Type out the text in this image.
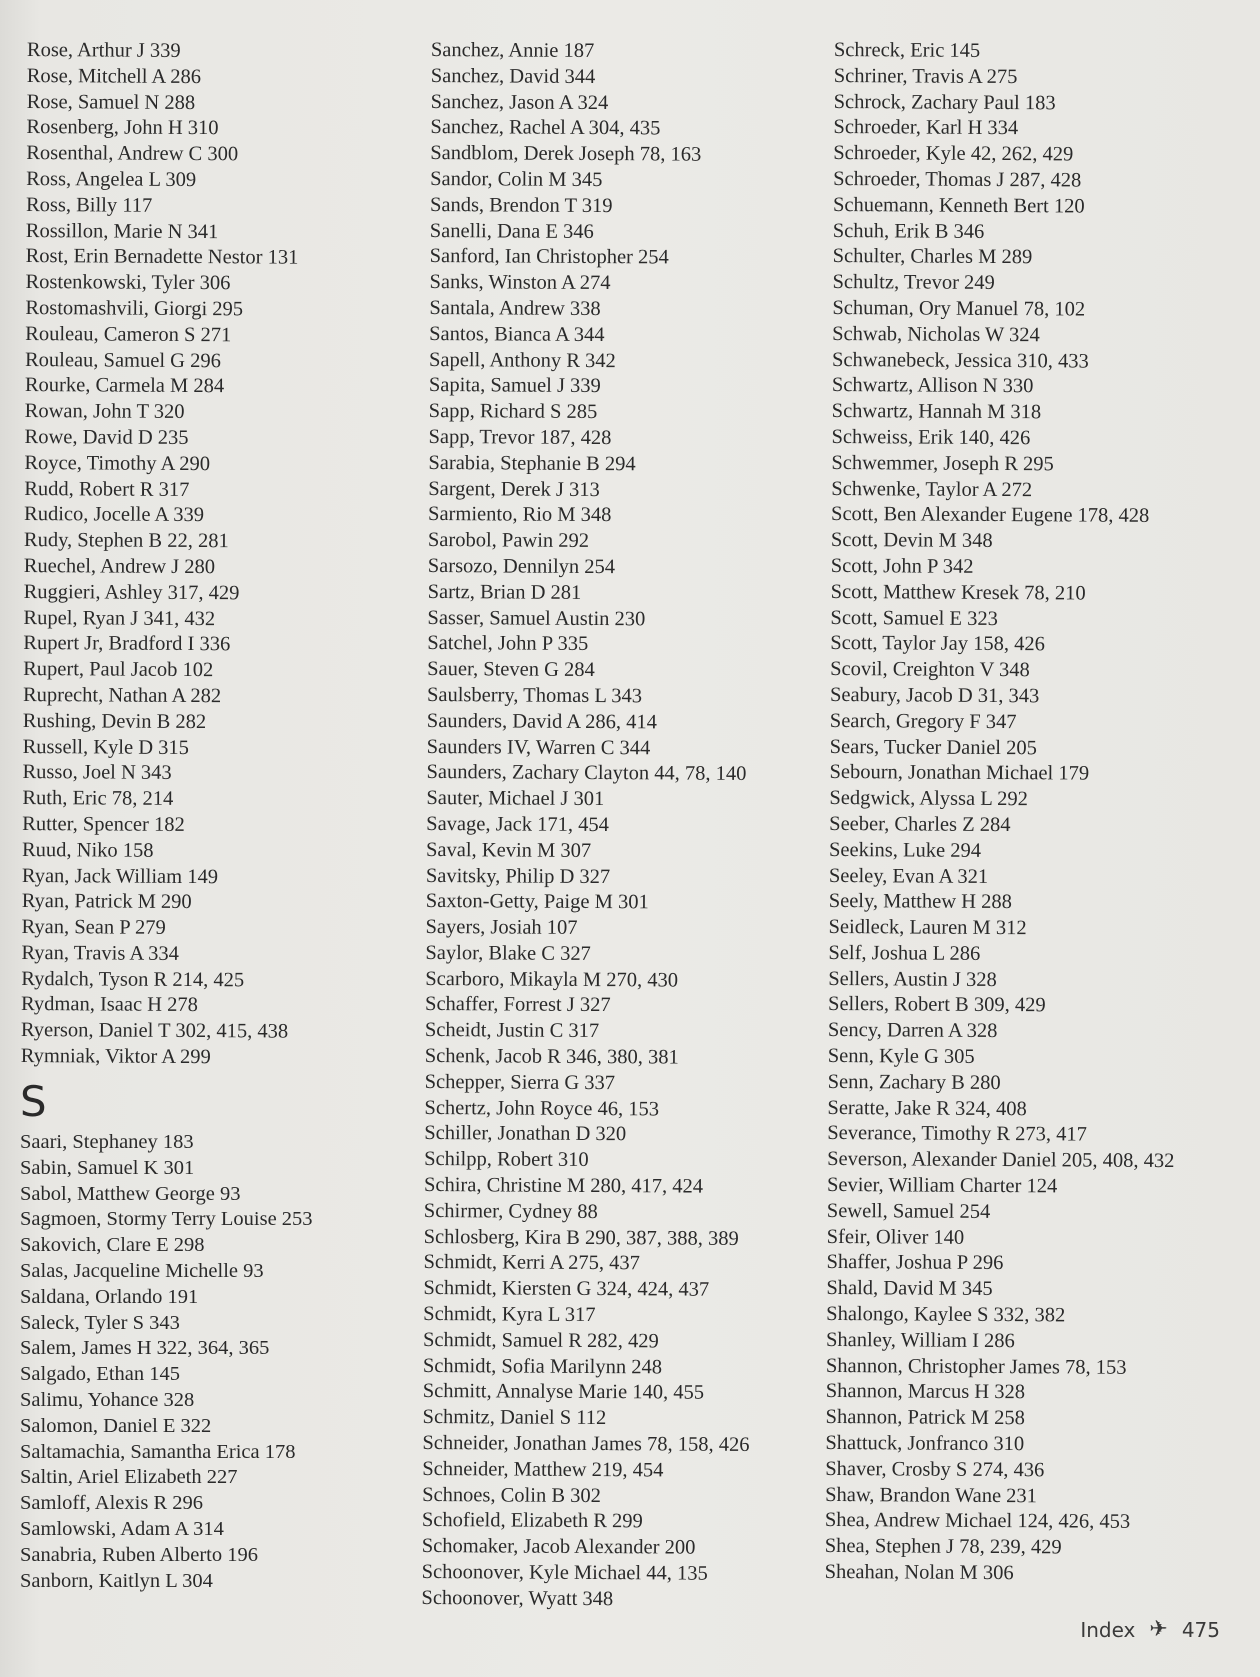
Rose, Arthur J 339
Rose, Mitchell A 286
Rose, Samuel N 288
Rosenberg, John H 310
Rosenthal, Andrew C 300
Ross, Angelea L 309
Ross, Billy 117
Rossillon, Marie N 341
Rost, Erin Bernadette Nestor 131
Rostenkowski, Tyler 306
Rostomashvili, Giorgi 295
Rouleau, Cameron S 271
Rouleau, Samuel G 296
Rourke, Carmela M 284
Rowan, John T 320
Rowe, David D 235
Royce, Timothy A 290
Rudd, Robert R 317
Rudico, Jocelle A 339
Rudy, Stephen B 22, 281
Ruechel, Andrew J 280
Ruggieri, Ashley 317, 429
Rupel, Ryan J 341, 432
Rupert Jr, Bradford I 336
Rupert, Paul Jacob 102
Ruprecht, Nathan A 282
Rushing, Devin B 282
Russell, Kyle D 315
Russo, Joel N 343
Ruth, Eric 78, 214
Rutter, Spencer 182
Ruud, Niko 158
Ryan, Jack William 149
Ryan, Patrick M 290
Ryan, Sean P 279
Ryan, Travis A 334
Rydalch, Tyson R 214, 425
Rydman, Isaac H 278
Ryerson, Daniel T 302, 415, 438
Rymniak, Viktor A 299
S
Saari, Stephaney 183
Sabin, Samuel K 301
Sabol, Matthew George 93
Sagmoen, Stormy Terry Louise 253
Sakovich, Clare E 298
Salas, Jacqueline Michelle 93
Saldana, Orlando 191
Saleck, Tyler S 343
Salem, James H 322, 364, 365
Salgado, Ethan 145
Salimu, Yohance 328
Salomon, Daniel E 322
Saltamachia, Samantha Erica 178
Saltin, Ariel Elizabeth 227
Samloff, Alexis R 296
Samlowski, Adam A 314
Sanabria, Ruben Alberto 196
Sanborn, Kaitlyn L 304
Sanchez, Annie 187
Sanchez, David 344
Sanchez, Jason A 324
Sanchez, Rachel A 304, 435
Sandblom, Derek Joseph 78, 163
Sandor, Colin M 345
Sands, Brendon T 319
Sanelli, Dana E 346
Sanford, Ian Christopher 254
Sanks, Winston A 274
Santala, Andrew 338
Santos, Bianca A 344
Sapell, Anthony R 342
Sapita, Samuel J 339
Sapp, Richard S 285
Sapp, Trevor 187, 428
Sarabia, Stephanie B 294
Sargent, Derek J 313
Sarmiento, Rio M 348
Sarobol, Pawin 292
Sarsozo, Dennilyn 254
Sartz, Brian D 281
Sasser, Samuel Austin 230
Satchel, John P 335
Sauer, Steven G 284
Saulsberry, Thomas L 343
Saunders, David A 286, 414
Saunders IV, Warren C 344
Saunders, Zachary Clayton 44, 78, 140
Sauter, Michael J 301
Savage, Jack 171, 454
Saval, Kevin M 307
Savitsky, Philip D 327
Saxton-Getty, Paige M 301
Sayers, Josiah 107
Saylor, Blake C 327
Scarboro, Mikayla M 270, 430
Schaffer, Forrest J 327
Scheidt, Justin C 317
Schenk, Jacob R 346, 380, 381
Schepper, Sierra G 337
Schertz, John Royce 46, 153
Schiller, Jonathan D 320
Schilpp, Robert 310
Schira, Christine M 280, 417, 424
Schirmer, Cydney 88
Schlosberg, Kira B 290, 387, 388, 389
Schmidt, Kerri A 275, 437
Schmidt, Kiersten G 324, 424, 437
Schmidt, Kyra L 317
Schmidt, Samuel R 282, 429
Schmidt, Sofia Marilynn 248
Schmitt, Annalyse Marie 140, 455
Schmitz, Daniel S 112
Schneider, Jonathan James 78, 158, 426
Schneider, Matthew 219, 454
Schnoes, Colin B 302
Schofield, Elizabeth R 299
Schomaker, Jacob Alexander 200
Schoonover, Kyle Michael 44, 135
Schoonover, Wyatt 348
Schreck, Eric 145
Schriner, Travis A 275
Schrock, Zachary Paul 183
Schroeder, Karl H 334
Schroeder, Kyle 42, 262, 429
Schroeder, Thomas J 287, 428
Schuemann, Kenneth Bert 120
Schuh, Erik B 346
Schulter, Charles M 289
Schultz, Trevor 249
Schuman, Ory Manuel 78, 102
Schwab, Nicholas W 324
Schwanebeck, Jessica 310, 433
Schwartz, Allison N 330
Schwartz, Hannah M 318
Schweiss, Erik 140, 426
Schwemmer, Joseph R 295
Schwenke, Taylor A 272
Scott, Ben Alexander Eugene 178, 428
Scott, Devin M 348
Scott, John P 342
Scott, Matthew Kresek 78, 210
Scott, Samuel E 323
Scott, Taylor Jay 158, 426
Scovil, Creighton V 348
Seabury, Jacob D 31, 343
Search, Gregory F 347
Sears, Tucker Daniel 205
Sebourn, Jonathan Michael 179
Sedgwick, Alyssa L 292
Seeber, Charles Z 284
Seekins, Luke 294
Seeley, Evan A 321
Seely, Matthew H 288
Seidleck, Lauren M 312
Self, Joshua L 286
Sellers, Austin J 328
Sellers, Robert B 309, 429
Sency, Darren A 328
Senn, Kyle G 305
Senn, Zachary B 280
Seratte, Jake R 324, 408
Severance, Timothy R 273, 417
Severson, Alexander Daniel 205, 408, 432
Sevier, William Charter 124
Sewell, Samuel 254
Sfeir, Oliver 140
Shaffer, Joshua P 296
Shald, David M 345
Shalongo, Kaylee S 332, 382
Shanley, William I 286
Shannon, Christopher James 78, 153
Shannon, Marcus H 328
Shannon, Patrick M 258
Shattuck, Jonfranco 310
Shaver, Crosby S 274, 436
Shaw, Brandon Wane 231
Shea, Andrew Michael 124, 426, 453
Shea, Stephen J 78, 239, 429
Sheahan, Nolan M 306
Index ✈︎ 475
